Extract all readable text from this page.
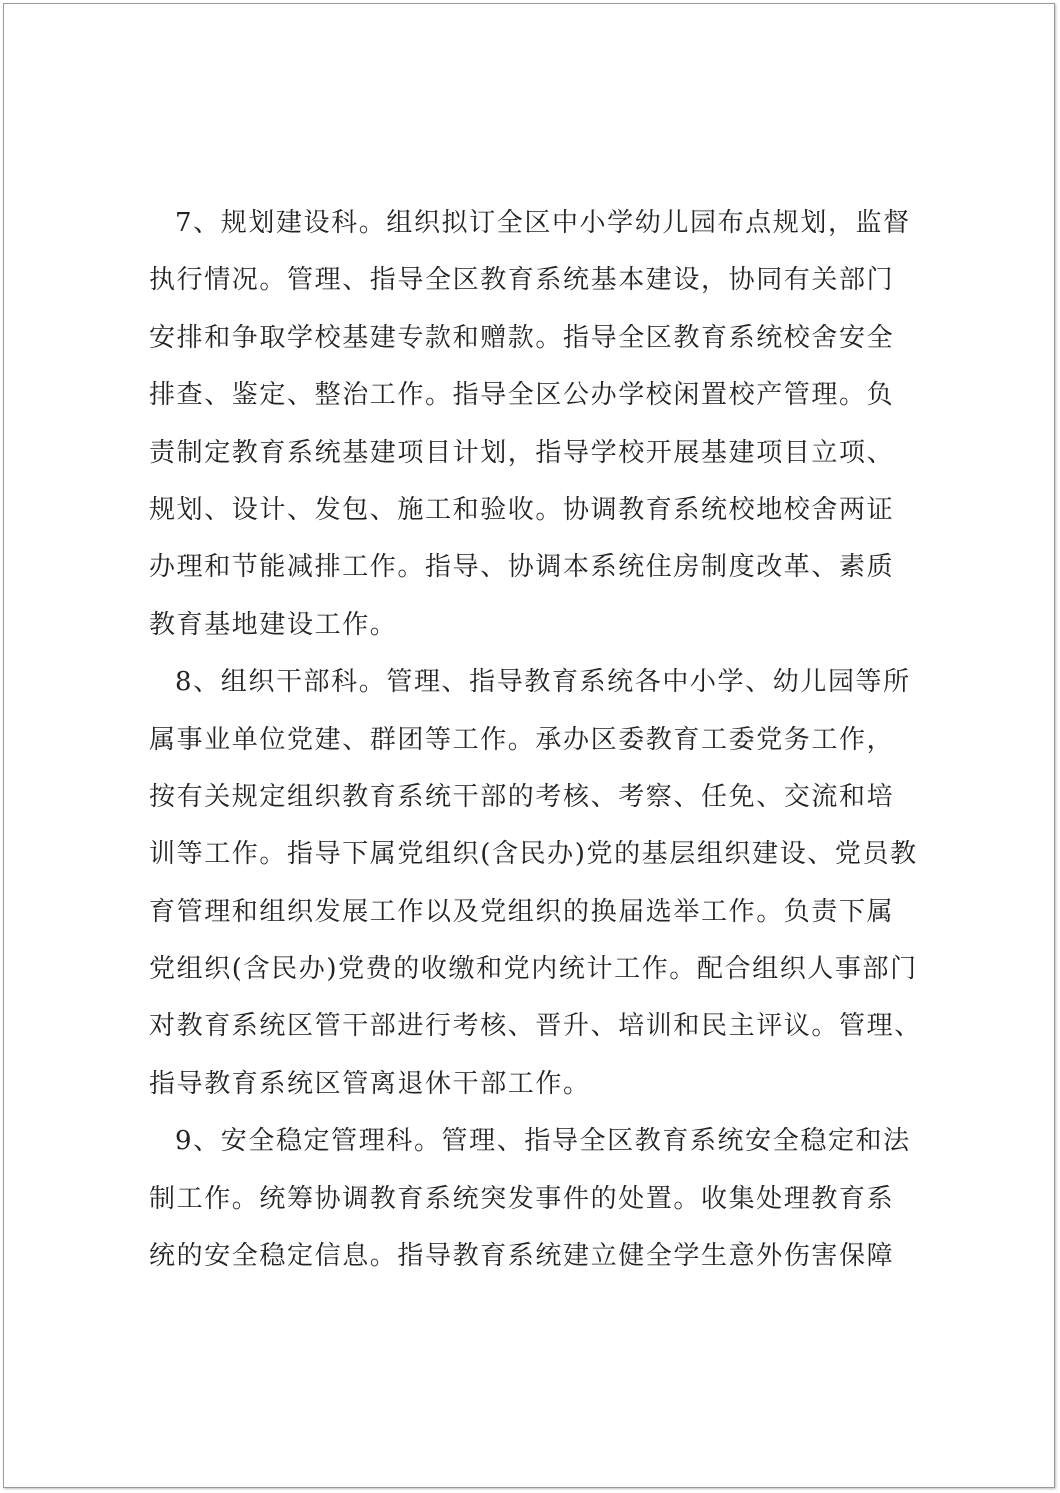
7、规划建设科。组织拟订全区中小学幼儿园布点规划，监督
执行情况。管理、指导全区教育系统基本建设，协同有关部门
安排和争取学校基建专款和赠款。指导全区教育系统校舍安全
排查、鉴定、整治工作。指导全区公办学校闲置校产管理。负
责制定教育系统基建项目计划，指导学校开展基建项目立项、
规划、设计、发包、施工和验收。协调教育系统校地校舍两证
办理和节能减排工作。指导、协调本系统住房制度改革、素质
教育基地建设工作。

8、组织干部科。管理、指导教育系统各中小学、幼儿园等所
属事业单位党建、群团等工作。承办区委教育工委党务工作，
按有关规定组织教育系统干部的考核、考察、任免、交流和培
训等工作。指导下属党组织(含民办)党的基层组织建设、党员教
育管理和组织发展工作以及党组织的换届选举工作。负责下属
党组织(含民办)党费的收缴和党内统计工作。配合组织人事部门
对教育系统区管干部进行考核、晋升、培训和民主评议。管理、
指导教育系统区管离退休干部工作。

9、安全稳定管理科。管理、指导全区教育系统安全稳定和法
制工作。统筹协调教育系统突发事件的处置。收集处理教育系
统的安全稳定信息。指导教育系统建立健全学生意外伤害保障
